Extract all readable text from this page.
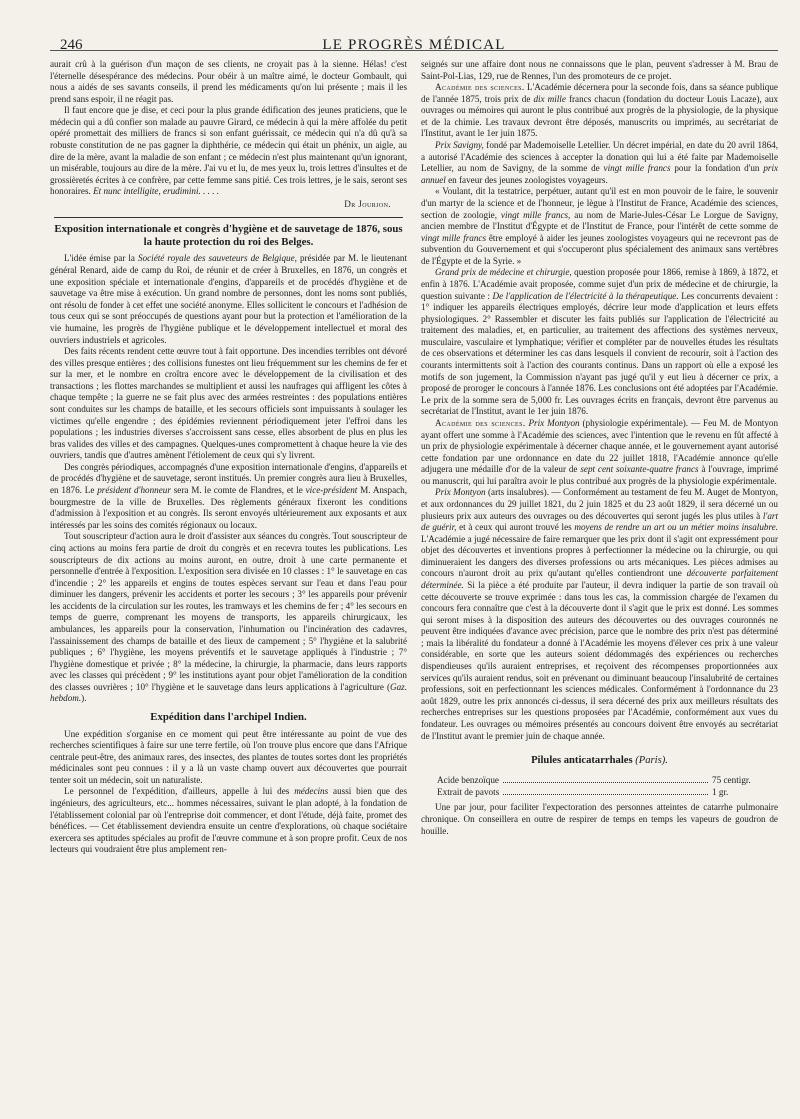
246	LE PROGRÈS MÉDICAL

aurait crû à la guérison d'un maçon de ses clients, ne croyait pas à la sienne. Hélas! c'est l'éternelle désespérance des médecins. Pour obéir à un maître aimé, le docteur Gombault, qui nous a aidés de ses savants conseils, il prend les médicaments qu'on lui présente ; mais il les prend sans espoir, il ne réagit pas.

Il faut encore que je dise, et ceci pour la plus grande édification des jeunes praticiens, que le médecin qui a dû confier son malade au pauvre Girard, ce médecin à qui la mère affolée du petit opéré promettait des milliers de francs si son enfant guérissait, ce médecin qui n'a dû qu'à sa robuste constitution de ne pas gagner la diphthérie, ce médecin qui était un phénix, un aigle, au dire de la mère, avant la maladie de son enfant ; ce médecin n'est plus maintenant qu'un ignorant, un misérable, toujours au dire de la mère. J'ai vu et lu, de mes yeux lu, trois lettres d'insultes et de grossièretés écrites à ce confrère, par cette femme sans pitié. Ces trois lettres, je le sais, seront ses honoraires. Et nunc intelligite, erudimini. . . . .

Dr Jourjon.
Exposition internationale et congrès d'hygiène et de sauvetage de 1876, sous la haute protection du roi des Belges.

L'idée émise par la Société royale des sauveteurs de Belgique, présidée par M. le lieutenant général Renard, aide de camp du Roi, de réunir et de créer à Bruxelles, en 1876, un congrès et une exposition spéciale et internationale d'engins, d'appareils et de procédés d'hygiène et de sauvetage va être mise à exécution. Un grand nombre de personnes, dont les noms sont publiés, ont résolu de fonder à cet effet une société anonyme. Elles sollicitent le concours et l'adhésion de tous ceux qui se sont préoccupés de questions ayant pour but la protection et l'amélioration de la vie humaine, les progrès de l'hygiène publique et le développement intellectuel et moral des ouvriers industriels et agricoles.

Des faits récents rendent cette œuvre tout à fait opportune. Des incendies terribles ont dévoré des villes presque entières ; des collisions funestes ont lieu fréquemment sur les chemins de fer et sur la mer, et le nombre en croîtra encore avec le développement de la civilisation et des transactions ; les flottes marchandes se multiplient et aussi les naufrages qui affligent les côtes à chaque tempête ; la guerre ne se fait plus avec des armées restreintes : des populations entières sont conduites sur les champs de bataille, et les secours officiels sont impuissants à soulager les victimes qu'elle engendre ; des épidémies reviennent périodiquement jeter l'effroi dans les populations ; les industries diverses s'accroissent sans cesse, elles absorbent de plus en plus les bras valides des villes et des campagnes. Quelques-unes compromettent à chaque heure la vie des ouvriers, tandis que d'autres amènent l'étiolement de ceux qui s'y livrent.

Des congrès périodiques, accompagnés d'une exposition internationale d'engins, d'appareils et de procédés d'hygiène et de sauvetage, seront institués. Un premier congrès aura lieu à Bruxelles, en 1876. Le président d'honneur sera M. le comte de Flandres, et le vice-président M. Anspach, bourgmestre de la ville de Bruxelles. Des règlements généraux fixeront les conditions d'admission à l'exposition et au congrès. Ils seront envoyés ultérieurement aux exposants et aux intéressés par les soins des comités régionaux ou locaux.

Tout souscripteur d'action aura le droit d'assister aux séances du congrès. Tout souscripteur de cinq actions au moins fera partie de droit du congrès et en recevra toutes les publications. Les souscripteurs de dix actions au moins auront, en outre, droit à une carte permanente et personnelle d'entrée à l'exposition. L'exposition sera divisée en 10 classes : 1° le sauvetage en cas d'incendie ; 2° les appareils et engins de toutes espèces servant sur l'eau et dans l'eau pour diminuer les dangers, prévenir les accidents et porter les secours ; 3° les appareils pour prévenir les accidents de la circulation sur les routes, les tramways et les chemins de fer ; 4° les secours en temps de guerre, comprenant les moyens de transports, les appareils chirurgicaux, les ambulances, les appareils pour la conservation, l'inhumation ou l'incinération des cadavres, l'assainissement des champs de bataille et des lieux de campement ; 5° l'hygiène et la salubrité publiques ; 6° l'hygiène, les moyens préventifs et le sauvetage appliqués à l'industrie ; 7° l'hygiène domestique et privée ; 8° la médecine, la chirurgie, la pharmacie, dans leurs rapports avec les classes qui précèdent ; 9° les institutions ayant pour objet l'amélioration de la condition des classes ouvrières ; 10° l'hygiène et le sauvetage dans leurs applications à l'agriculture (Gaz. hebdom.).

Expédition dans l'archipel Indien.

Une expédition s'organise en ce moment qui peut être intéressante au point de vue des recherches scientifiques à faire sur une terre fertile, où l'on trouve plus encore que dans l'Afrique centrale peut-être, des animaux rares, des insectes, des plantes de toutes sortes dont les propriétés médicinales sont peu connues : il y a là un vaste champ ouvert aux découvertes que pourrait tenter soit un médecin, soit un naturaliste.

Le personnel de l'expédition, d'ailleurs, appelle à lui des médecins aussi bien que des ingénieurs, des agriculteurs, etc... hommes nécessaires, suivant le plan adopté, à la fondation de l'établissement colonial par où l'entreprise doit commencer, et dont l'étude, déjà faite, promet des bénéfices. — Cet établissement deviendra ensuite un centre d'explorations, où chaque sociétaire exercera ses aptitudes spéciales au profit de l'œuvre commune et à son propre profit. Ceux de nos lecteurs qui voudraient être plus amplement ren-

seignés sur une affaire dont nous ne connaissons que le plan, peuvent s'adresser à M. Brau de Saint-Pol-Lias, 129, rue de Rennes, l'un des promoteurs de ce projet.

Académie des sciences. L'Académie décernera pour la seconde fois, dans sa séance publique de l'année 1875, trois prix de dix mille francs chacun (fondation du docteur Louis Lacaze), aux ouvrages ou mémoires qui auront le plus contribué aux progrès de la physiologie, de la physique et de la chimie. Les travaux devront être déposés, manuscrits ou imprimés, au secrétariat de l'Institut, avant le 1er juin 1875.

Prix Savigny, fondé par Mademoiselle Letellier. Un décret impérial, en date du 20 avril 1864, a autorisé l'Académie des sciences à accepter la donation qui lui a été faite par Mademoiselle Letellier, au nom de Savigny, de la somme de vingt mille francs pour la fondation d'un prix annuel en faveur des jeunes zoologistes voyageurs.

« Voulant, dit la testatrice, perpétuer, autant qu'il est en mon pouvoir de le faire, le souvenir d'un martyr de la science et de l'honneur, je lègue à l'Institut de France, Académie des sciences, section de zoologie, vingt mille francs, au nom de Marie-Jules-César Le Lorgue de Savigny, ancien membre de l'Institut d'Égypte et de l'Institut de France, pour l'intérêt de cette somme de vingt mille francs être employé à aider les jeunes zoologistes voyageurs qui ne recevront pas de subvention du Gouvernement et qui s'occuperont plus spécialement des animaux sans vertèbres de l'Égypte et de la Syrie. »

Grand prix de médecine et chirurgie, question proposée pour 1866, remise à 1869, à 1872, et enfin à 1876. L'Académie avait proposée, comme sujet d'un prix de médecine et de chirurgie, la question suivante : De l'application de l'électricité à la thérapeutique. Les concurrents devaient : 1° indiquer les appareils électriques employés, décrire leur mode d'application et leurs effets physiologiques. 2° Rassembler et discuter les faits publiés sur l'application de l'électricité au traitement des maladies, et, en particulier, au traitement des affections des systèmes nerveux, musculaire, vasculaire et lymphatique; vérifier et compléter par de nouvelles études les résultats de ces observations et déterminer les cas dans lesquels il convient de recourir, soit à l'action des courants intermittents soit à l'action des courants continus. Dans un rapport où elle a exposé les motifs de son jugement, la Commission n'ayant pas jugé qu'il y eut lieu à décerner ce prix, a proposé de proroger le concours à l'année 1876. Les conclusions ont été adoptées par l'Académie. Le prix de la somme sera de 5,000 fr. Les ouvrages écrits en français, devront être parvenus au secrétariat de l'Institut, avant le 1er juin 1876.

Académie des sciences. Prix Montyon (physiologie expérimentale). — Feu M. de Montyon ayant offert une somme à l'Académie des sciences, avec l'intention que le revenu en fût affecté à un prix de physiologie expérimentale à décerner chaque année, et le gouvernement ayant autorisé cette fondation par une ordonnance en date du 22 juillet 1818, l'Académie annonce qu'elle adjugera une médaille d'or de la valeur de sept cent soixante-quatre francs à l'ouvrage, imprimé ou manuscrit, qui lui paraîtra avoir le plus contribué aux progrès de la physiologie expérimentale.

Prix Montyon (arts insalubres). — Conformément au testament de feu M. Auget de Montyon, et aux ordonnances du 29 juillet 1821, du 2 juin 1825 et du 23 août 1829, il sera décerné un ou plusieurs prix aux auteurs des ouvrages ou des découvertes qui seront jugés les plus utiles à l'art de guérir, et à ceux qui auront trouvé les moyens de rendre un art ou un métier moins insalubre. L'Académie a jugé nécessaire de faire remarquer que les prix dont il s'agit ont expressément pour objet des découvertes et inventions propres à perfectionner la médecine ou la chirurgie, ou qui diminueraient les dangers des diverses professions ou arts mécaniques. Les pièces admises au concours n'auront droit au prix qu'autant qu'elles contiendront une découverte parfaitement déterminée. Si la pièce a été produite par l'auteur, il devra indiquer la partie de son travail où cette découverte se trouve exprimée : dans tous les cas, la commission chargée de l'examen du concours fera connaître que c'est à la découverte dont il s'agit que le prix est donné. Les sommes qui seront mises à la disposition des auteurs des découvertes ou des ouvrages couronnés ne peuvent être indiquées d'avance avec précision, parce que le nombre des prix n'est pas déterminé ; mais la libéralité du fondateur a donné à l'Académie les moyens d'élever ces prix à une valeur considérable, en sorte que les auteurs soient dédommagés des expériences ou recherches dispendieuses qu'ils auraient entreprises, et reçoivent des récompenses proportionnées aux services qu'ils auraient rendus, soit en prévenant ou diminuant beaucoup l'insalubrité de certaines professions, soit en perfectionnant les sciences médicales. Conformément à l'ordonnance du 23 août 1829, outre les prix annoncés ci-dessus, il sera décerné des prix aux meilleurs résultats des recherches entreprises sur les questions proposées par l'Académie, conformément aux vues du fondateur. Les ouvrages ou mémoires présentés au concours doivent être envoyés au secrétariat de l'Institut avant le premier juin de chaque année.

Pilules anticatarrhales (Paris).
Acide benzoïque	75 centigr.
Extrait de pavots	1 gr.

Une par jour, pour faciliter l'expectoration des personnes atteintes de catarrhe pulmonaire chronique. On conseillera en outre de respirer de temps en temps les vapeurs de goudron de houille.
